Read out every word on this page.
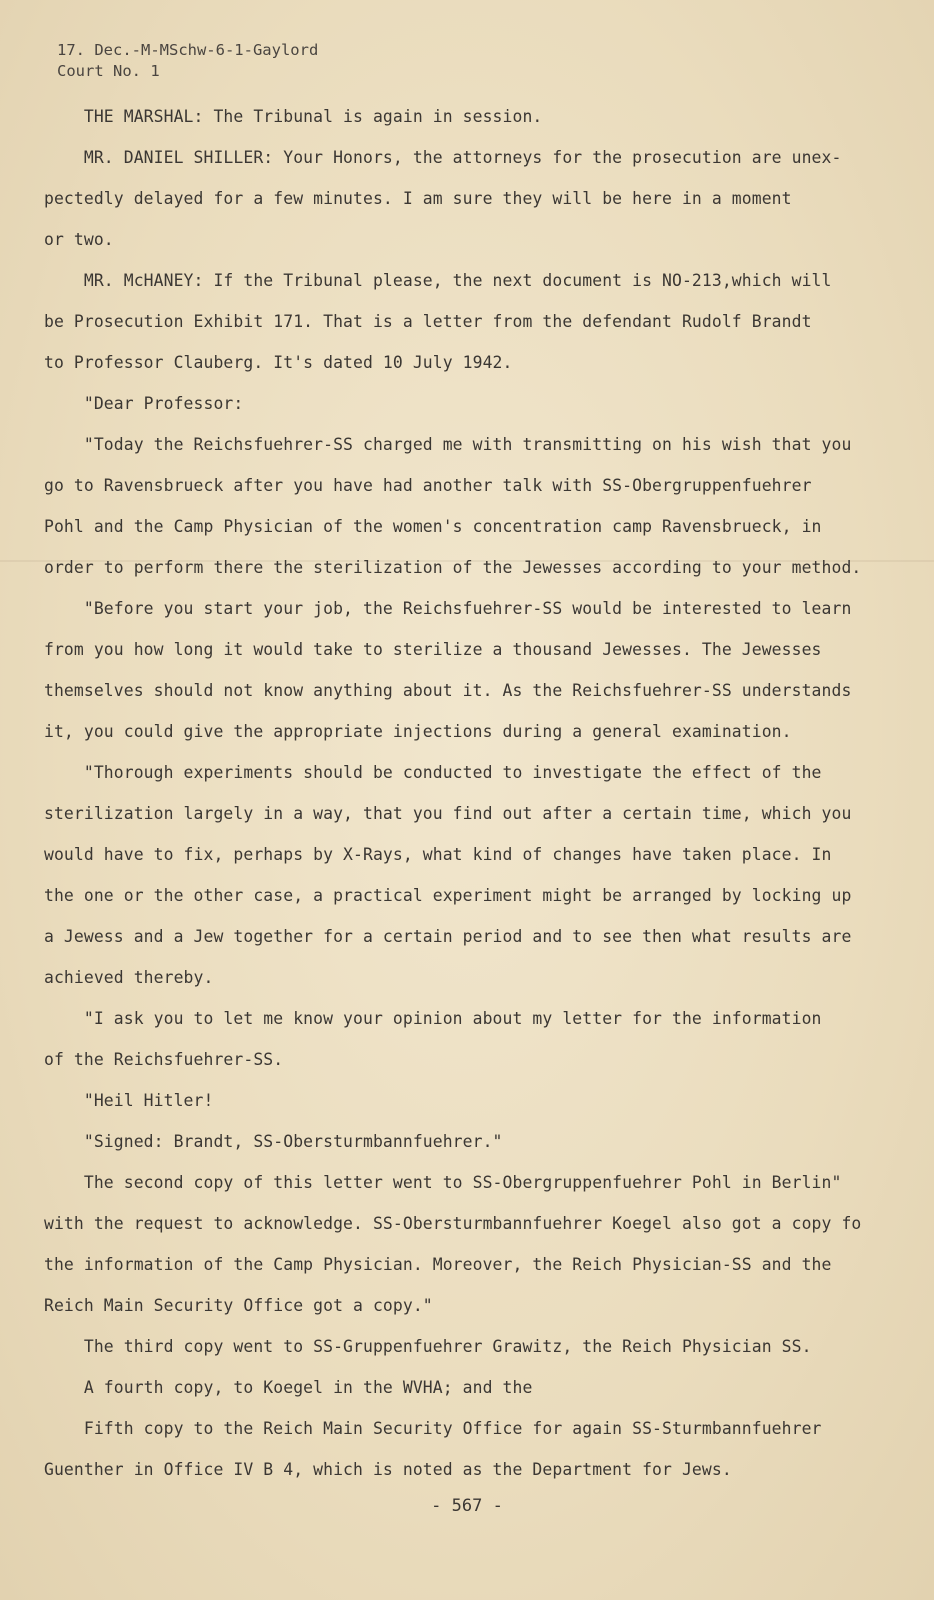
17. Dec.-M-MSchw-6-1-Gaylord
Court No. 1
THE MARSHAL: The Tribunal is again in session.
MR. DANIEL SHILLER: Your Honors, the attorneys for the prosecution are unex-
pectedly delayed for a few minutes. I am sure they will be here in a moment
or two.
MR. McHANEY: If the Tribunal please, the next document is NO-213,which will
be Prosecution Exhibit 171. That is a letter from the defendant Rudolf Brandt
to Professor Clauberg. It's dated 10 July 1942.
"Dear Professor:
"Today the Reichsfuehrer-SS charged me with transmitting on his wish that you
go to Ravensbrueck after you have had another talk with SS-Obergruppenfuehrer
Pohl and the Camp Physician of the women's concentration camp Ravensbrueck, in
order to perform there the sterilization of the Jewesses according to your method.
"Before you start your job, the Reichsfuehrer-SS would be interested to learn
from you how long it would take to sterilize a thousand Jewesses. The Jewesses
themselves should not know anything about it. As the Reichsfuehrer-SS understands
it, you could give the appropriate injections during a general examination.
"Thorough experiments should be conducted to investigate the effect of the
sterilization largely in a way, that you find out after a certain time, which you
would have to fix, perhaps by X-Rays, what kind of changes have taken place. In
the one or the other case, a practical experiment might be arranged by locking up
a Jewess and a Jew together for a certain period and to see then what results are
achieved thereby.
"I ask you to let me know your opinion about my letter for the information
of the Reichsfuehrer-SS.
"Heil Hitler!
"Signed: Brandt, SS-Obersturmbannfuehrer."
The second copy of this letter went to SS-Obergruppenfuehrer Pohl in Berlin"
with the request to acknowledge. SS-Obersturmbannfuehrer Koegel also got a copy fo
the information of the Camp Physician. Moreover, the Reich Physician-SS and the
Reich Main Security Office got a copy."
The third copy went to SS-Gruppenfuehrer Grawitz, the Reich Physician SS.
A fourth copy, to Koegel in the WVHA; and the
Fifth copy to the Reich Main Security Office for again SS-Sturmbannfuehrer
Guenther in Office IV B 4, which is noted as the Department for Jews.
- 567 -
